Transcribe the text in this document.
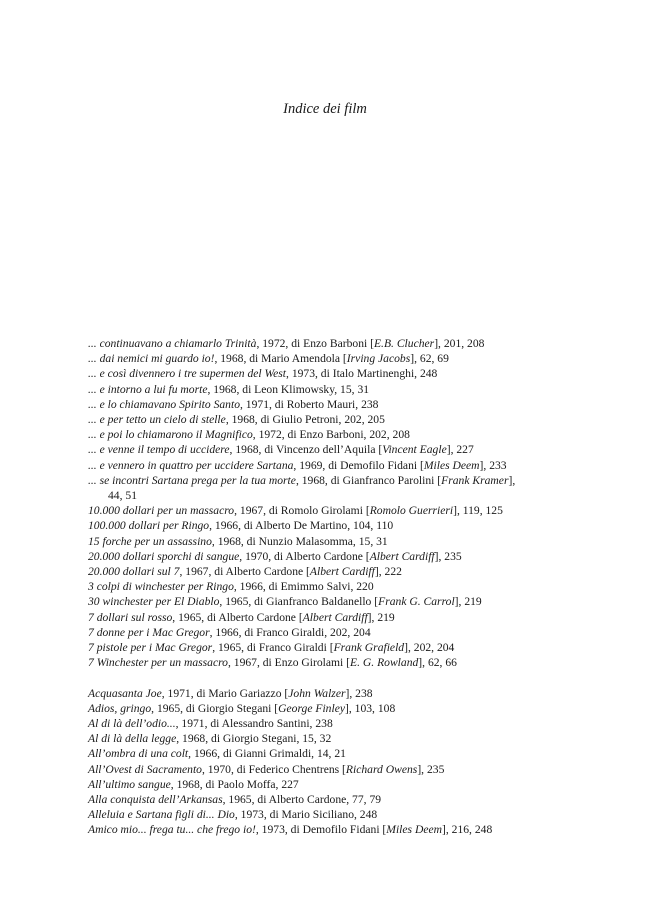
Indice dei film
... continuavano a chiamarlo Trinità, 1972, di Enzo Barboni [E.B. Clucher], 201, 208
... dai nemici mi guardo io!, 1968, di Mario Amendola [Irving Jacobs], 62, 69
... e così divennero i tre supermen del West, 1973, di Italo Martinenghi, 248
... e intorno a lui fu morte, 1968, di Leon Klimowsky, 15, 31
... e lo chiamavano Spirito Santo, 1971, di Roberto Mauri, 238
... e per tetto un cielo di stelle, 1968, di Giulio Petroni, 202, 205
... e poi lo chiamarono il Magnifico, 1972, di Enzo Barboni, 202, 208
... e venne il tempo di uccidere, 1968, di Vincenzo dell’Aquila [Vincent Eagle], 227
... e vennero in quattro per uccidere Sartana, 1969, di Demofilo Fidani [Miles Deem], 233
... se incontri Sartana prega per la tua morte, 1968, di Gianfranco Parolini [Frank Kramer],
44, 51
10.000 dollari per un massacro, 1967, di Romolo Girolami [Romolo Guerrieri], 119, 125
100.000 dollari per Ringo, 1966, di Alberto De Martino, 104, 110
15 forche per un assassino, 1968, di Nunzio Malasomma, 15, 31
20.000 dollari sporchi di sangue, 1970, di Alberto Cardone [Albert Cardiff], 235
20.000 dollari sul 7, 1967, di Alberto Cardone [Albert Cardiff], 222
3 colpi di winchester per Ringo, 1966, di Emimmo Salvi, 220
30 winchester per El Diablo, 1965, di Gianfranco Baldanello [Frank G. Carrol], 219
7 dollari sul rosso, 1965, di Alberto Cardone [Albert Cardiff], 219
7 donne per i Mac Gregor, 1966, di Franco Giraldi, 202, 204
7 pistole per i Mac Gregor, 1965, di Franco Giraldi [Frank Grafield], 202, 204
7 Winchester per un massacro, 1967, di Enzo Girolami [E. G. Rowland], 62, 66
Acquasanta Joe, 1971, di Mario Gariazzo [John Walzer], 238
Adios, gringo, 1965, di Giorgio Stegani [George Finley], 103, 108
Al di là dell’odio..., 1971, di Alessandro Santini, 238
Al di là della legge, 1968, di Giorgio Stegani, 15, 32
All’ombra di una colt, 1966, di Gianni Grimaldi, 14, 21
All’Ovest di Sacramento, 1970, di Federico Chentrens [Richard Owens], 235
All’ultimo sangue, 1968, di Paolo Moffa, 227
Alla conquista dell’Arkansas, 1965, di Alberto Cardone, 77, 79
Alleluia e Sartana figli di... Dio, 1973, di Mario Siciliano, 248
Amico mio... frega tu... che frego io!, 1973, di Demofilo Fidani [Miles Deem], 216, 248
